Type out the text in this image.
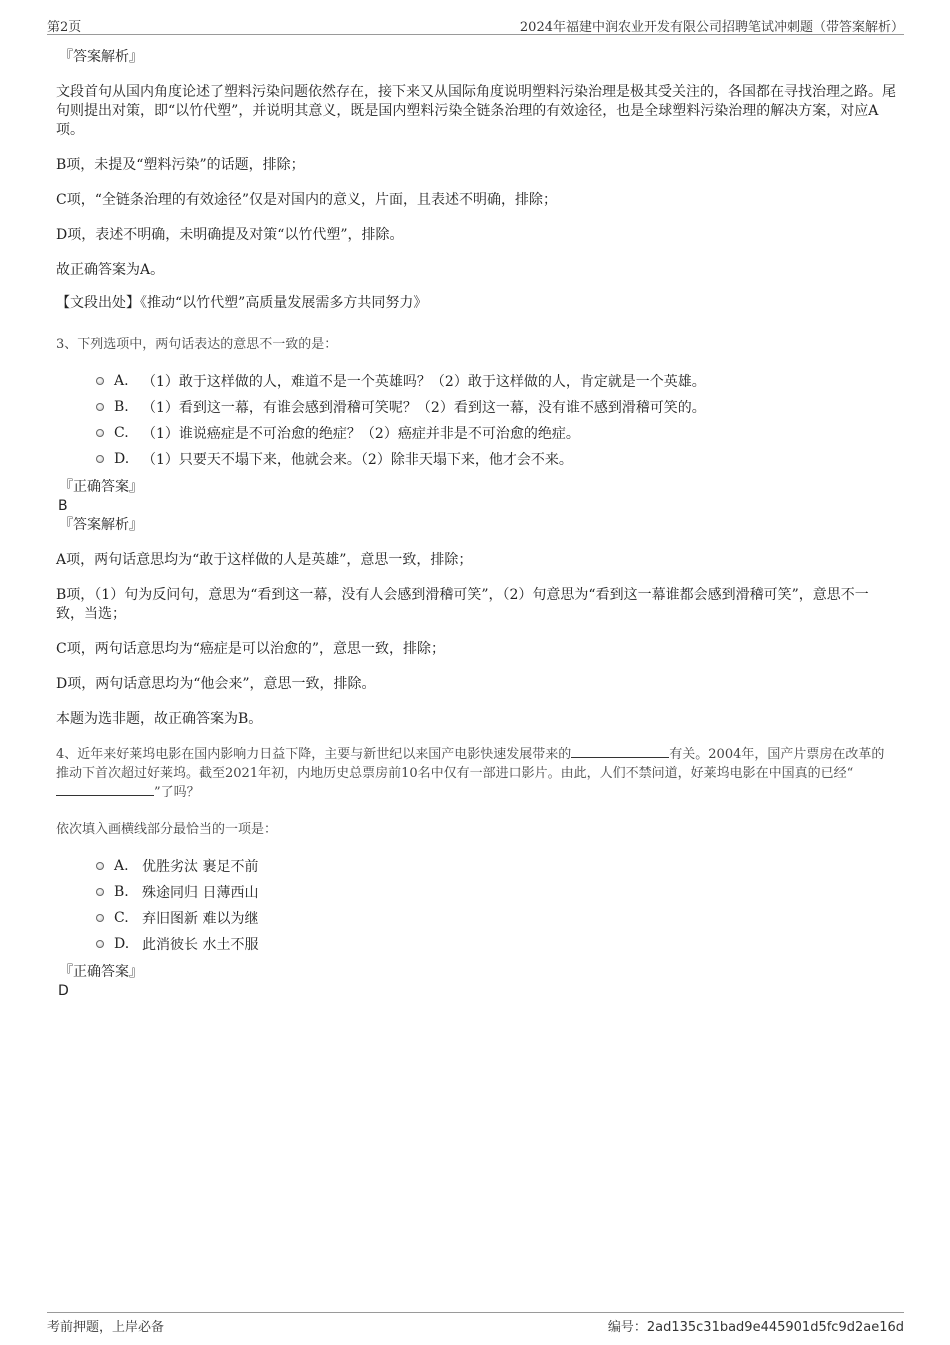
第2页	2024年福建中润农业开发有限公司招聘笔试冲刺题（带答案解析）

『答案解析』

文段首句从国内角度论述了塑料污染问题依然存在，接下来又从国际角度说明塑料污染治理是极其受关注的，各国都在寻找治理之路。尾句则提出对策，即“以竹代塑”，并说明其意义，既是国内塑料污染全链条治理的有效途径，也是全球塑料污染治理的解决方案，对应A项。

B项，未提及“塑料污染”的话题，排除；

C项，“全链条治理的有效途径”仅是对国内的意义，片面，且表述不明确，排除；

D项，表述不明确，未明确提及对策“以竹代塑”，排除。

故正确答案为A。

【文段出处】《推动“以竹代塑”高质量发展需多方共同努力》

3、下列选项中，两句话表达的意思不一致的是：

A. （1）敢于这样做的人，难道不是一个英雄吗？（2）敢于这样做的人，肯定就是一个英雄。
B. （1）看到这一幕，有谁会感到滑稽可笑呢？（2）看到这一幕，没有谁不感到滑稽可笑的。
C. （1）谁说癌症是不可治愈的绝症？（2）癌症并非是不可治愈的绝症。
D. （1）只要天不塌下来，他就会来。（2）除非天塌下来，他才会不来。

『正确答案』

B

『答案解析』

A项，两句话意思均为“敢于这样做的人是英雄”，意思一致，排除；

B项，（1）句为反问句，意思为“看到这一幕，没有人会感到滑稽可笑”，（2）句意思为“看到这一幕谁都会感到滑稽可笑”，意思不一致，当选；

C项，两句话意思均为“癌症是可以治愈的”，意思一致，排除；

D项，两句话意思均为“他会来”，意思一致，排除。

本题为选非题，故正确答案为B。

4、近年来好莱坞电影在国内影响力日益下降，主要与新世纪以来国产电影快速发展带来的	有关。2004年，国产片票房在改革的推动下首次超过好莱坞。截至2021年初，内地历史总票房前10名中仅有一部进口影片。由此，人们不禁问道，好莱坞电影在中国真的已经“”了吗？

依次填入画横线部分最恰当的一项是：

A. 优胜劣汰 裹足不前
B. 殊途同归 日薄西山
C. 弃旧图新 难以为继
D. 此消彼长 水土不服

『正确答案』

D

考前押题，上岸必备	编号：2ad135c31bad9e445901d5fc9d2ae16d
